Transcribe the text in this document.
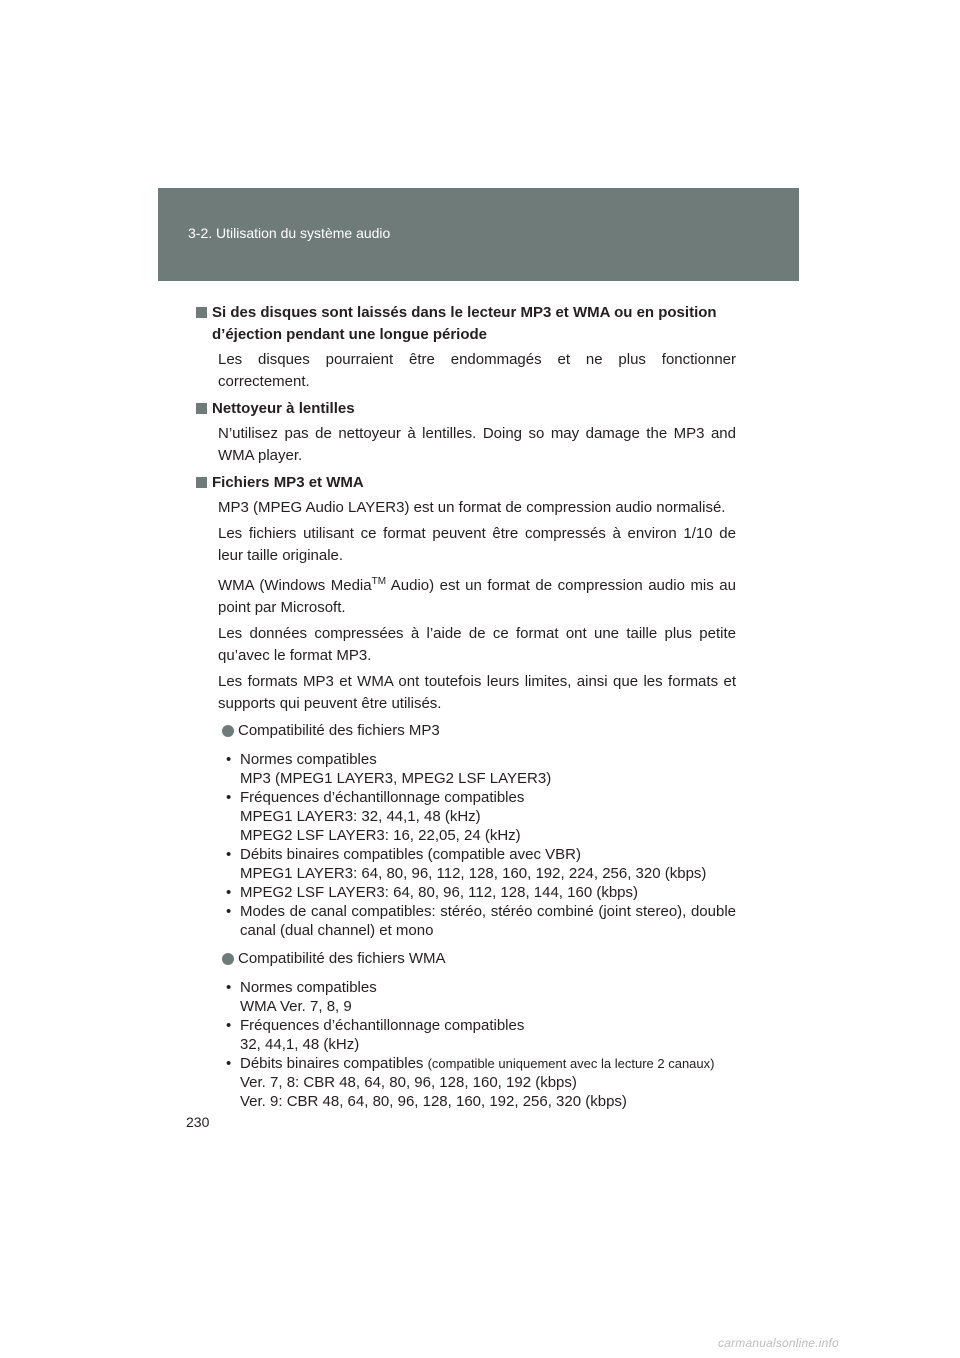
3-2. Utilisation du système audio
Si des disques sont laissés dans le lecteur MP3 et WMA ou en position d’éjection pendant une longue période

Les disques pourraient être endommagés et ne plus fonctionner correctement.

Nettoyeur à lentilles

N’utilisez pas de nettoyeur à lentilles. Doing so may damage the MP3 and WMA player.

Fichiers MP3 et WMA

MP3 (MPEG Audio LAYER3) est un format de compression audio normalisé.

Les fichiers utilisant ce format peuvent être compressés à environ 1/10 de leur taille originale.

WMA (Windows Media™ Audio) est un format de compression audio mis au point par Microsoft.

Les données compressées à l’aide de ce format ont une taille plus petite qu’avec le format MP3.

Les formats MP3 et WMA ont toutefois leurs limites, ainsi que les formats et supports qui peuvent être utilisés.

Compatibilité des fichiers MP3
• Normes compatibles
MP3 (MPEG1 LAYER3, MPEG2 LSF LAYER3)
• Fréquences d’échantillonnage compatibles
MPEG1 LAYER3: 32, 44,1, 48 (kHz)
MPEG2 LSF LAYER3: 16, 22,05, 24 (kHz)
• Débits binaires compatibles (compatible avec VBR)
MPEG1 LAYER3: 64, 80, 96, 112, 128, 160, 192, 224, 256, 320 (kbps)
• MPEG2 LSF LAYER3: 64, 80, 96, 112, 128, 144, 160 (kbps)
• Modes de canal compatibles: stéréo, stéréo combiné (joint stereo), double canal (dual channel) et mono
Compatibilité des fichiers WMA
• Normes compatibles
WMA Ver. 7, 8, 9
• Fréquences d’échantillonnage compatibles
32, 44,1, 48 (kHz)
• Débits binaires compatibles (compatible uniquement avec la lecture 2 canaux)
Ver. 7, 8: CBR 48, 64, 80, 96, 128, 160, 192 (kbps)
Ver. 9: CBR 48, 64, 80, 96, 128, 160, 192, 256, 320 (kbps)
230
carmanualsonline.info
